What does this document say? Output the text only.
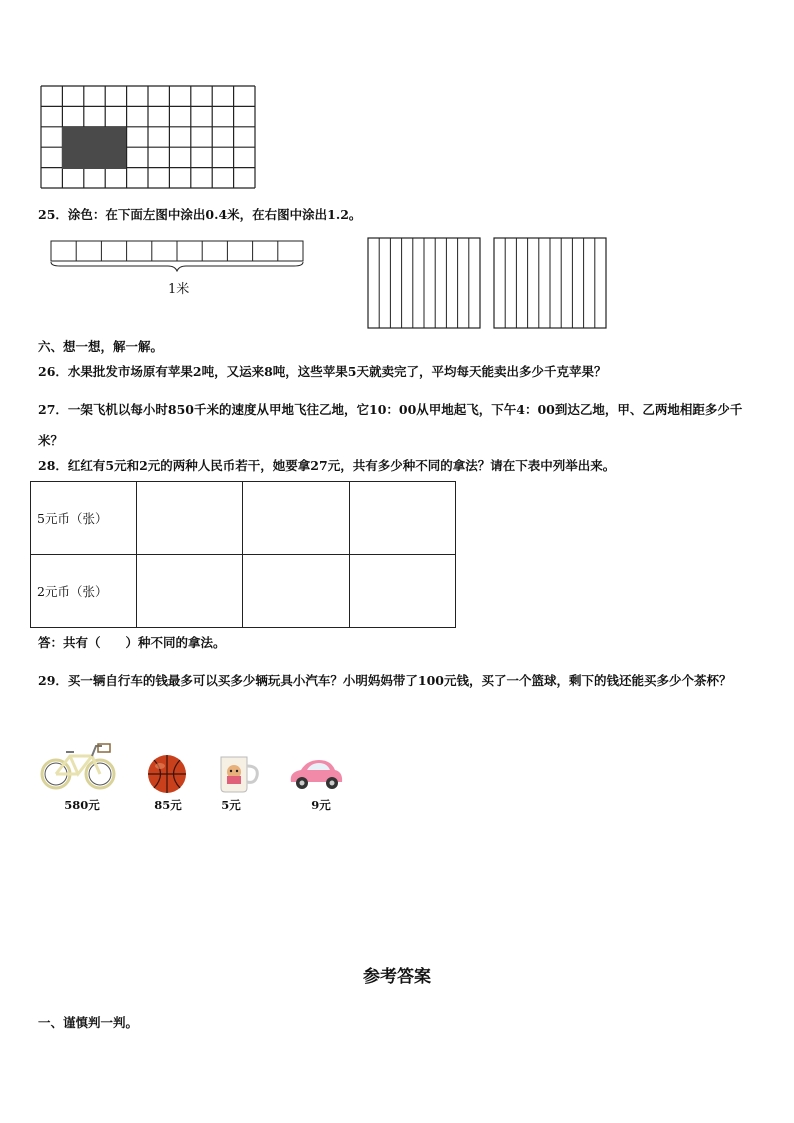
25．涂色：在下面左图中涂出0.4米，在右图中涂出1.2。
1米
六、想一想，解一解。
26．水果批发市场原有苹果2吨，又运来8吨，这些苹果5天就卖完了，平均每天能卖出多少千克苹果？
27．一架飞机以每小时850千米的速度从甲地飞往乙地，它10：00从甲地起飞，下午4：00到达乙地，甲、乙两地相距多少千米？
28．红红有5元和2元的两种人民币若干，她要拿27元，共有多少种不同的拿法？请在下表中列举出来。
5元币（张）
2元币（张）
答：共有（　　）种不同的拿法。
29．买一辆自行车的钱最多可以买多少辆玩具小汽车？小明妈妈带了100元钱，买了一个篮球，剩下的钱还能买多少个茶杯？
580元	85元	5元	9元
参考答案
一、谨慎判一判。
